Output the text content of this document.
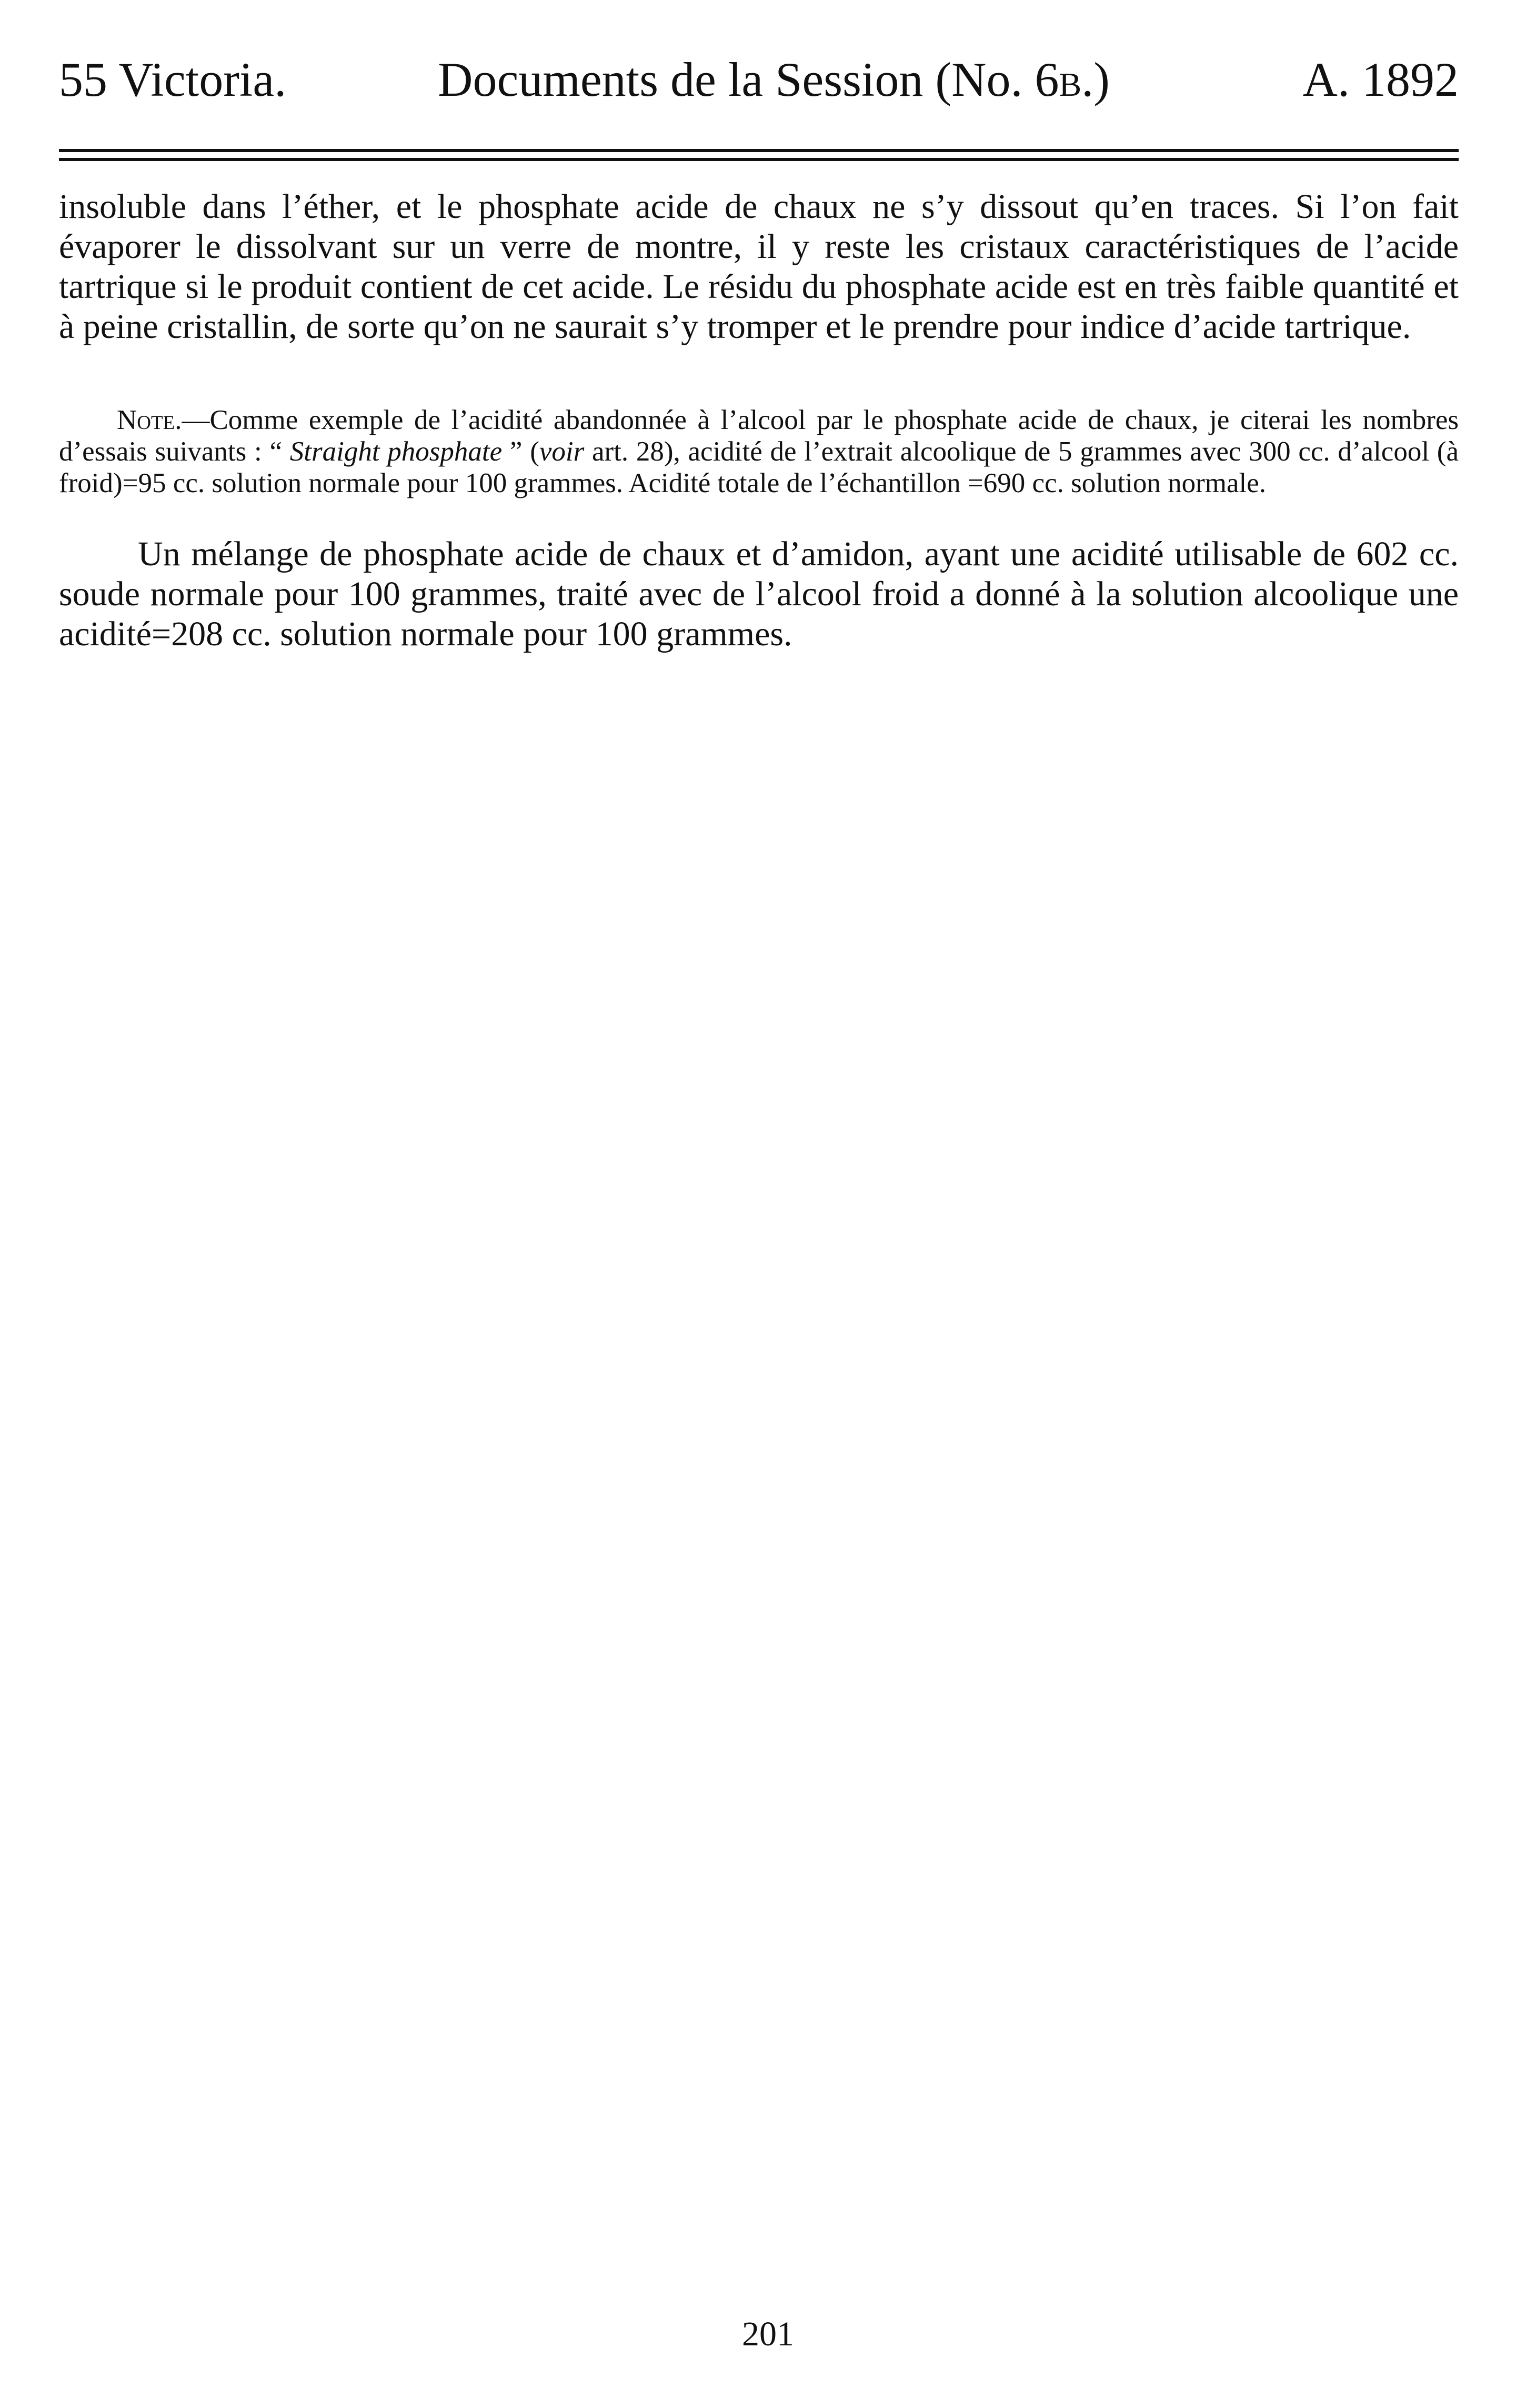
55 Victoria.	Documents de la Session (No. 6b.)	A. 1892

insoluble dans l’éther, et le phosphate acide de chaux ne s’y dissout qu’en traces. Si l’on fait évaporer le dissolvant sur un verre de montre, il y reste les cristaux caractéristiques de l’acide tartrique si le produit contient de cet acide. Le résidu du phosphate acide est en très faible quantité et à peine cristallin, de sorte qu’on ne saurait s’y tromper et le prendre pour indice d’acide tartrique.

Note.—Comme exemple de l’acidité abandonnée à l’alcool par le phosphate acide de chaux, je citerai les nombres d’essais suivants : “ Straight phosphate ” (voir art. 28), acidité de l’extrait alcoolique de 5 grammes avec 300 cc. d’alcool (à froid)=95 cc. solution normale pour 100 grammes. Acidité totale de l’échantillon =690 cc. solution normale.

Un mélange de phosphate acide de chaux et d’amidon, ayant une acidité utilisable de 602 cc. soude normale pour 100 grammes, traité avec de l’alcool froid a donné à la solution alcoolique une acidité=208 cc. solution normale pour 100 grammes.

201
